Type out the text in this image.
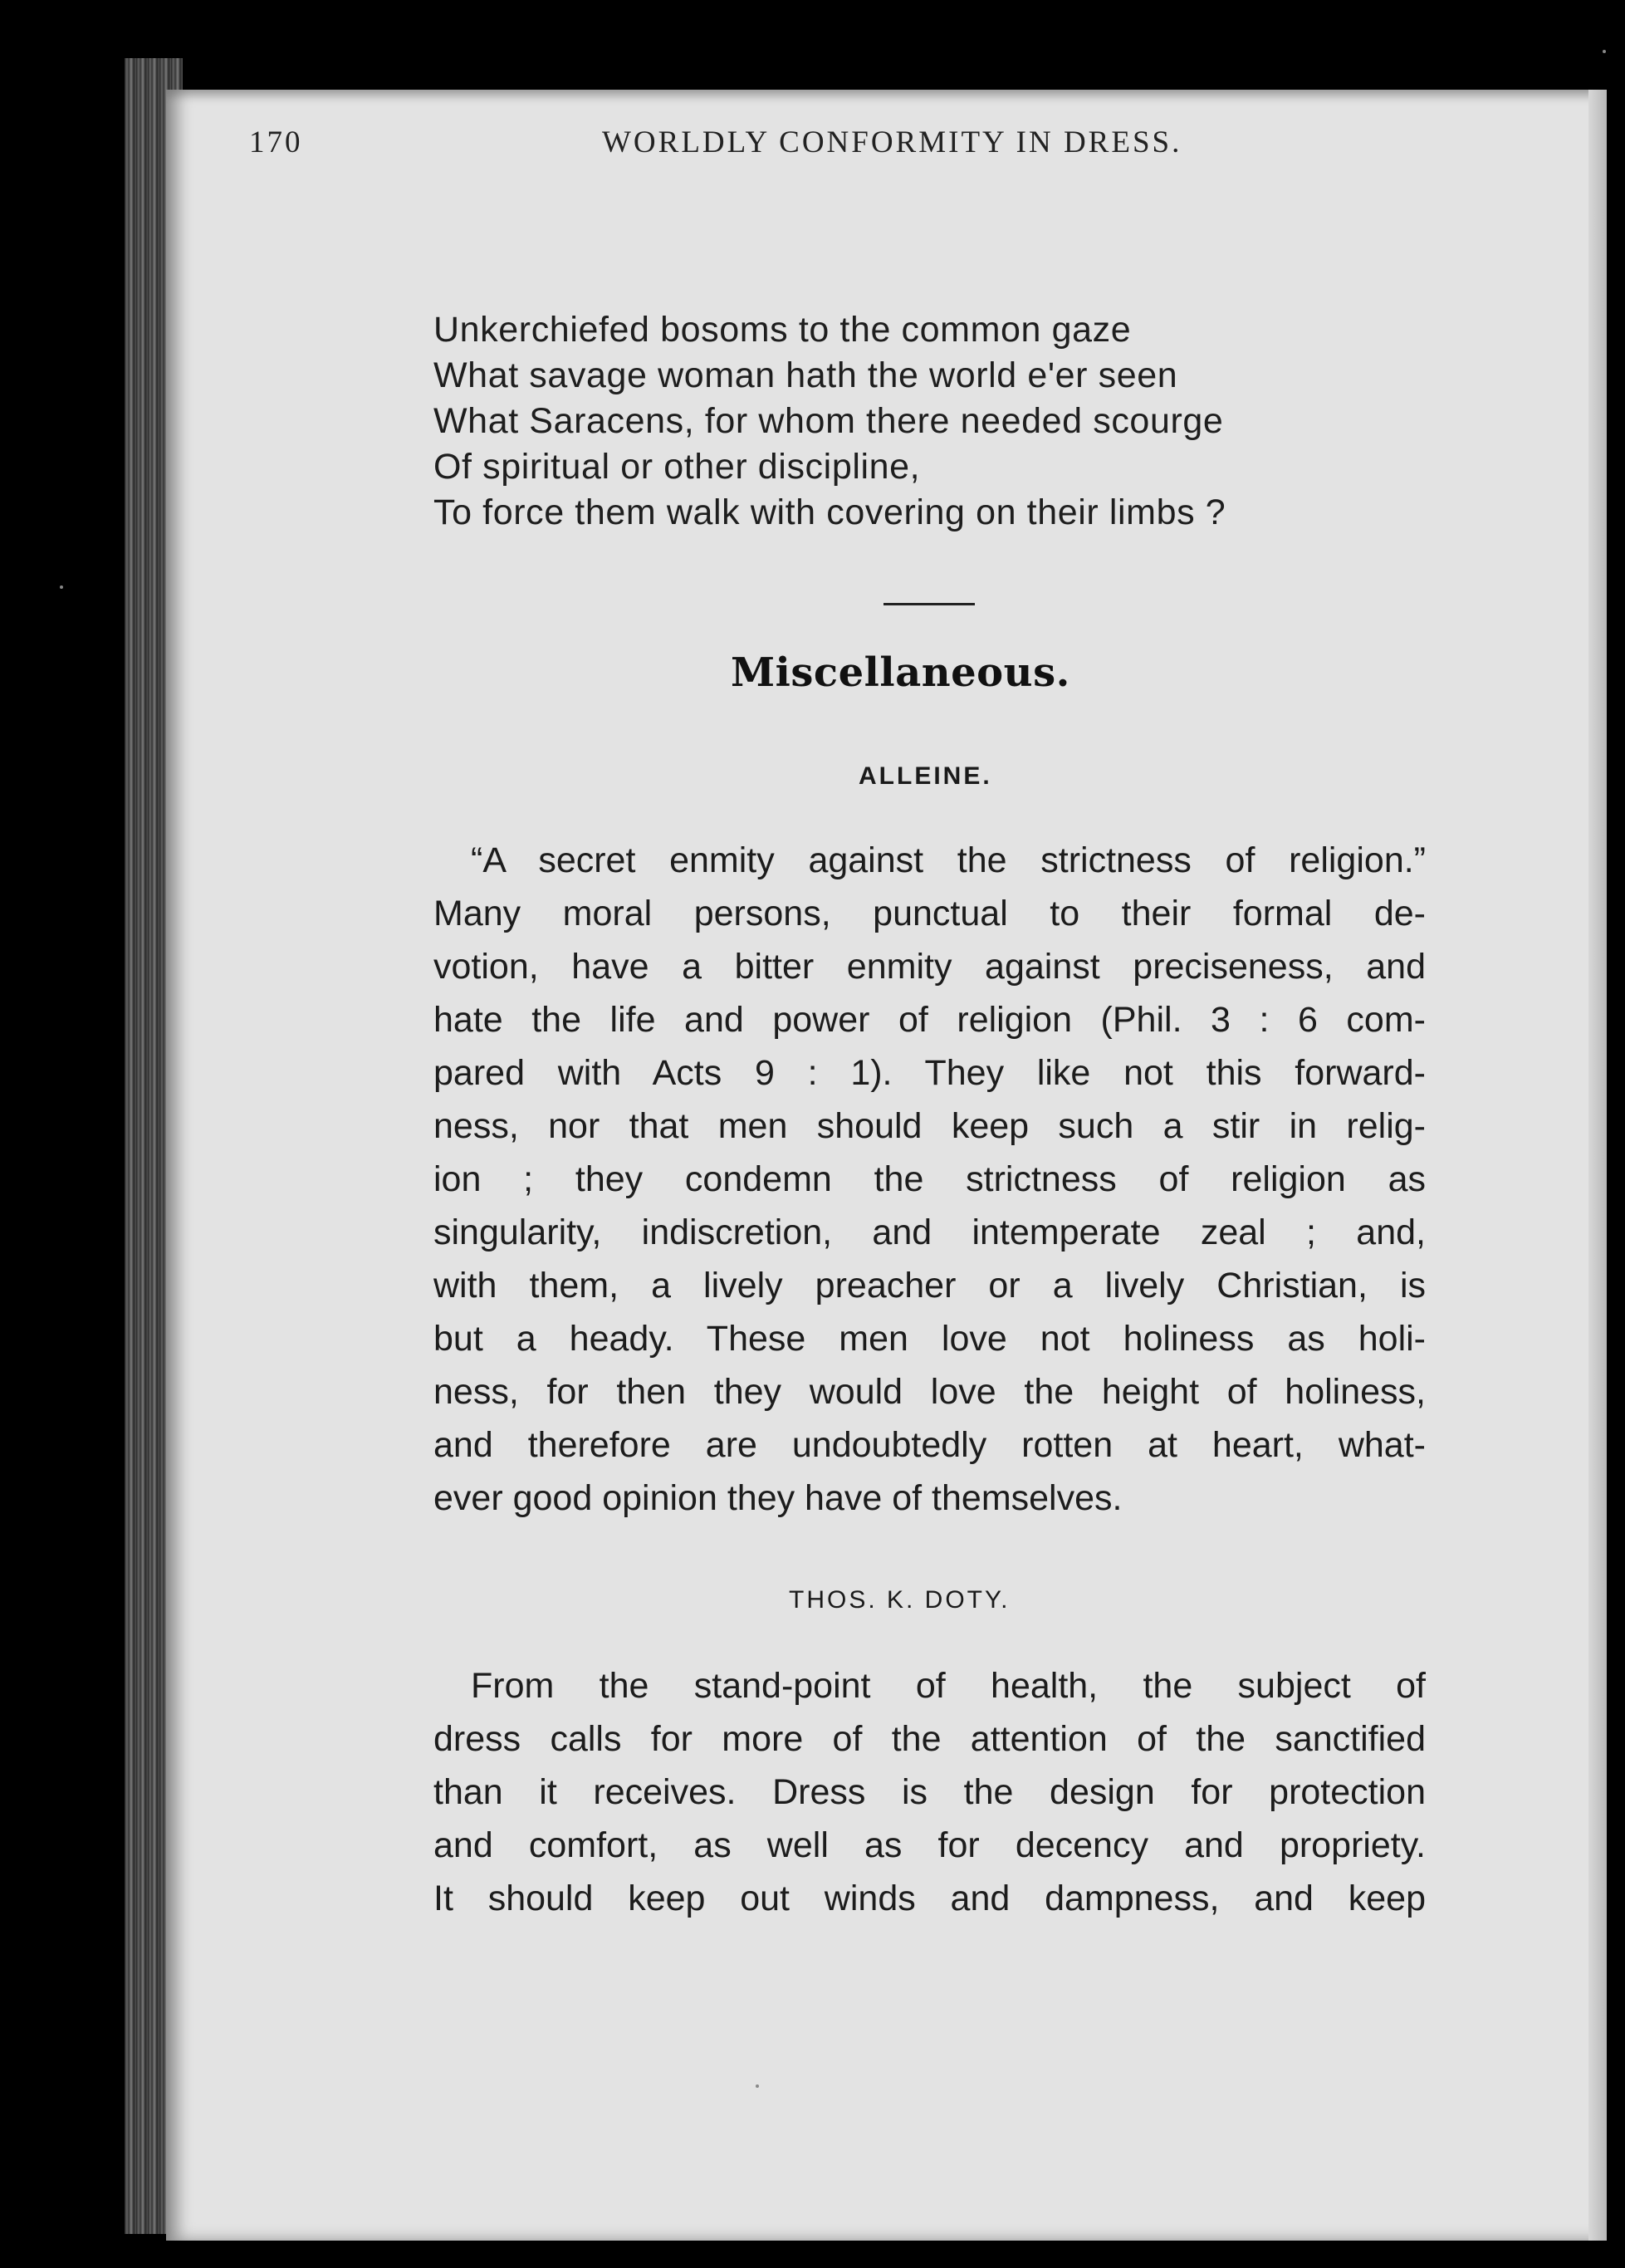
170	WORLDLY CONFORMITY IN DRESS.
Unkerchiefed bosoms to the common gaze
What savage woman hath the world e'er seen
What Saracens, for whom there needed scourge
Of spiritual or other discipline,
To force them walk with covering on their limbs ?
Miscellaneous.
ALLEINE.
“A secret enmity against the strictness of religion.”
Many moral persons, punctual to their formal de-
votion, have a bitter enmity against preciseness, and
hate the life and power of religion (Phil. 3 : 6 com-
pared with Acts 9 : 1). They like not this forward-
ness, nor that men should keep such a stir in relig-
ion ; they condemn the strictness of religion as
singularity, indiscretion, and intemperate zeal ; and,
with them, a lively preacher or a lively Christian, is
but a heady. These men love not holiness as holi-
ness, for then they would love the height of holiness,
and therefore are undoubtedly rotten at heart, what-
ever good opinion they have of themselves.
THOS. K. DOTY.
From the stand-point of health, the subject of
dress calls for more of the attention of the sanctified
than it receives. Dress is the design for protection
and comfort, as well as for decency and propriety.
It should keep out winds and dampness, and keep
